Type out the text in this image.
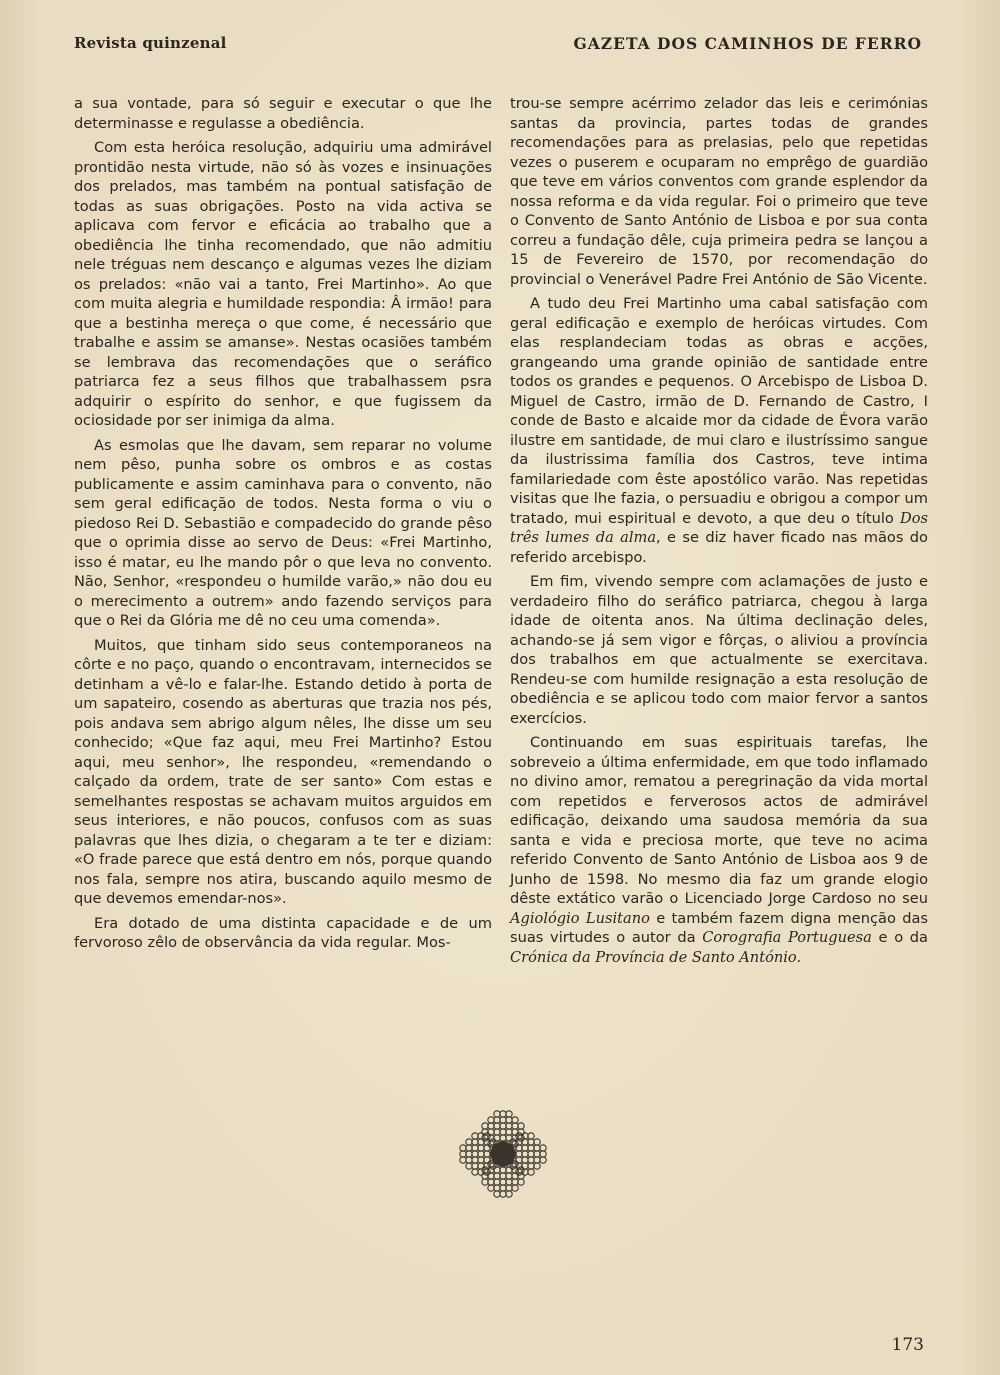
Revista quinzenal	GAZETA DOS CAMINHOS DE FERRO

a sua vontade, para só seguir e executar o que lhe determinasse e regulasse a obediência.

Com esta heróica resolução, adquiriu uma admirável prontidão nesta virtude, não só às vozes e insinuações dos prelados, mas também na pontual satisfação de todas as suas obrigações. Posto na vida activa se aplicava com fervor e eficácia ao trabalho que a obediência lhe tinha recomendado, que não admitiu nele tréguas nem descanço e algumas vezes lhe diziam os prelados: «não vai a tanto, Frei Martinho». Ao que com muita alegria e humildade respondia: Â irmão! para que a bestinha mereça o que come, é necessário que trabalhe e assim se amanse». Nestas ocasiões também se lembrava das recomendações que o seráfico patriarca fez a seus filhos que trabalhassem psra adquirir o espírito do senhor, e que fugissem da ociosidade por ser inimiga da alma.

As esmolas que lhe davam, sem reparar no volume nem pêso, punha sobre os ombros e as costas publicamente e assim caminhava para o convento, não sem geral edificação de todos. Nesta forma o viu o piedoso Rei D. Sebastião e compadecido do grande pêso que o oprimia disse ao servo de Deus: «Frei Martinho, isso é matar, eu lhe mando pôr o que leva no convento. Não, Senhor, «respondeu o humilde varão,» não dou eu o merecimento a outrem» ando fazendo serviços para que o Rei da Glória me dê no ceu uma comenda».

Muitos, que tinham sido seus contemporaneos na côrte e no paço, quando o encontravam, internecidos se detinham a vê-lo e falar-lhe. Estando detido à porta de um sapateiro, cosendo as aberturas que trazia nos pés, pois andava sem abrigo algum nêles, lhe disse um seu conhecido; «Que faz aqui, meu Frei Martinho? Estou aqui, meu senhor», lhe respondeu, «remendando o calçado da ordem, trate de ser santo» Com estas e semelhantes respostas se achavam muitos arguidos em seus interiores, e não poucos, confusos com as suas palavras que lhes dizia, o chegaram a te ter e diziam: «O frade parece que está dentro em nós, porque quando nos fala, sempre nos atira, buscando aquilo mesmo de que devemos emendar-nos».

Era dotado de uma distinta capacidade e de um fervoroso zêlo de observância da vida regular. Mos-

trou-se sempre acérrimo zelador das leis e cerimónias santas da provincia, partes todas de grandes recomendações para as prelasias, pelo que repetidas vezes o puserem e ocuparam no emprêgo de guardião que teve em vários conventos com grande esplendor da nossa reforma e da vida regular. Foi o primeiro que teve o Convento de Santo António de Lisboa e por sua conta correu a fundação dêle, cuja primeira pedra se lançou a 15 de Fevereiro de 1570, por recomendação do provincial o Venerável Padre Frei António de São Vicente.

A tudo deu Frei Martinho uma cabal satisfação com geral edificação e exemplo de heróicas virtudes. Com elas resplandeciam todas as obras e acções, grangeando uma grande opinião de santidade entre todos os grandes e pequenos. O Arcebispo de Lisboa D. Miguel de Castro, irmão de D. Fernando de Castro, I conde de Basto e alcaide mor da cidade de Évora varão ilustre em santidade, de mui claro e ilustríssimo sangue da ilustrissima família dos Castros, teve intima familariedade com êste apostólico varão. Nas repetidas visitas que lhe fazia, o persuadiu e obrigou a compor um tratado, mui espiritual e devoto, a que deu o título Dos três lumes da alma, e se diz haver ficado nas mãos do referido arcebispo.

Em fim, vivendo sempre com aclamações de justo e verdadeiro filho do seráfico patriarca, chegou à larga idade de oitenta anos. Na última declinação deles, achando-se já sem vigor e fôrças, o aliviou a província dos trabalhos em que actualmente se exercitava. Rendeu-se com humilde resignação a esta resolução de obediência e se aplicou todo com maior fervor a santos exercícios.

Continuando em suas espirituais tarefas, lhe sobreveio a última enfermidade, em que todo inflamado no divino amor, rematou a peregrinação da vida mortal com repetidos e ferverosos actos de admirável edificação, deixando uma saudosa memória da sua santa e vida e preciosa morte, que teve no acima referido Convento de Santo António de Lisboa aos 9 de Junho de 1598. No mesmo dia faz um grande elogio dêste extático varão o Licenciado Jorge Cardoso no seu Agiológio Lusitano e também fazem digna menção das suas virtudes o autor da Corografia Portuguesa e o da Crónica da Província de Santo António.

173
